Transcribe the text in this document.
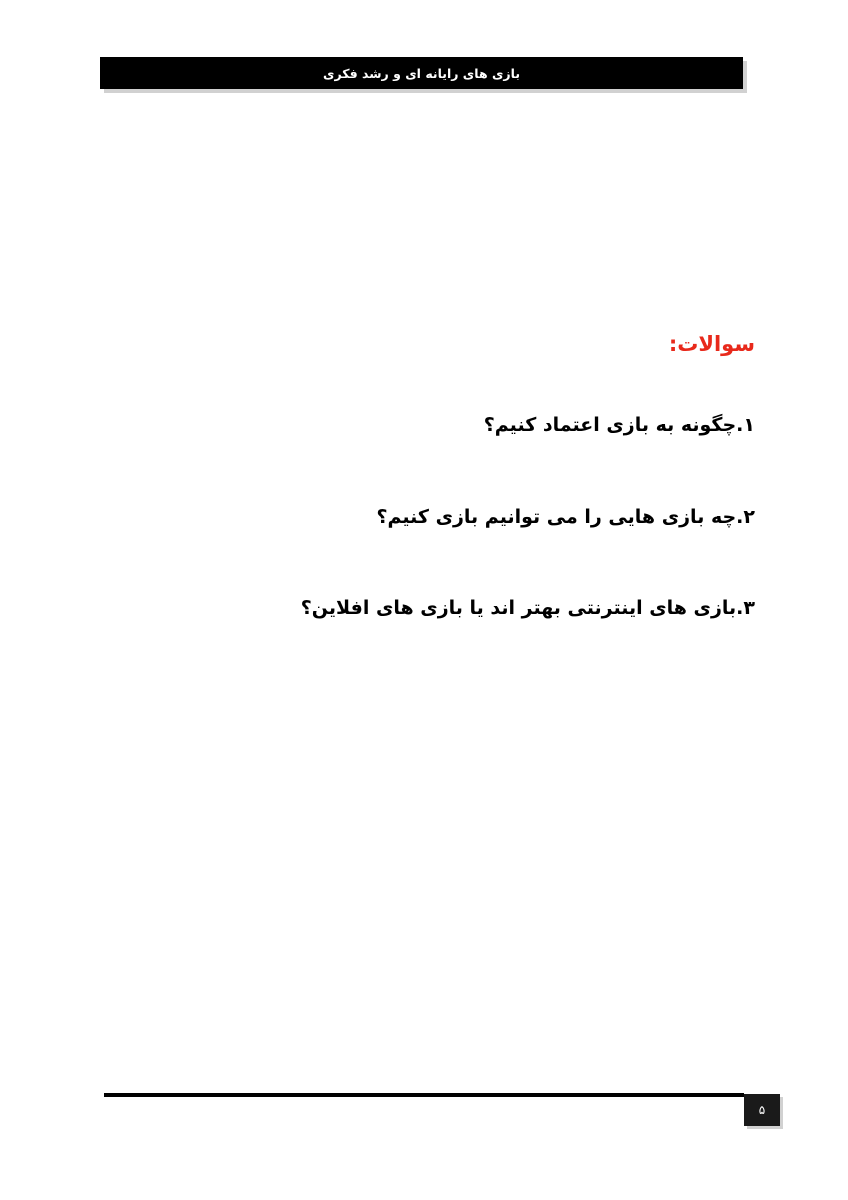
بازی های رایانه ای و رشد فکری
سوالات:
۱.چگونه به بازی اعتماد کنیم؟
۲.چه بازی هایی را می توانیم بازی کنیم؟
۳.بازی های اینترنتی بهتر اند یا بازی های افلاین؟
۵
